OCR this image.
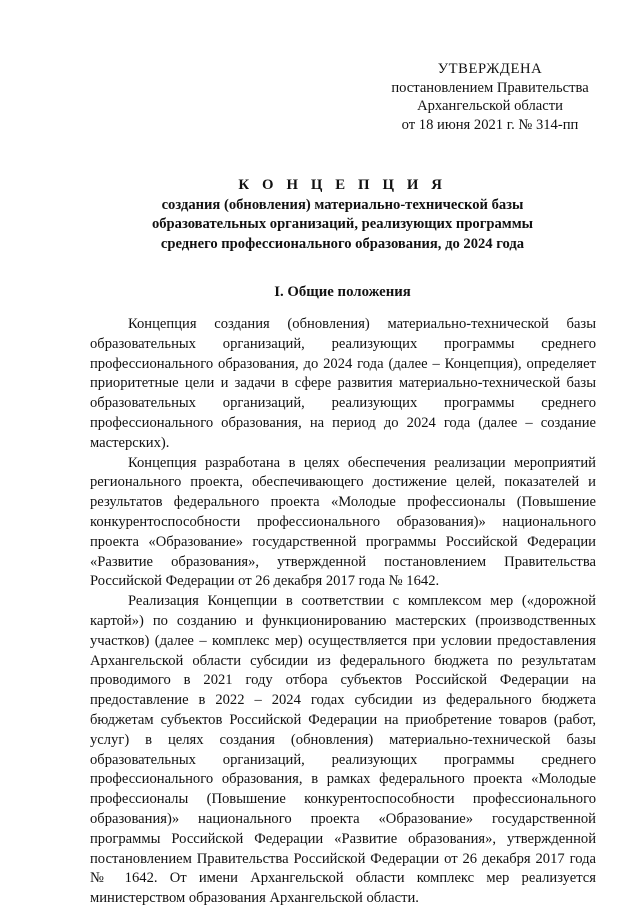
УТВЕРЖДЕНА
постановлением Правительства
Архангельской области
от 18 июня 2021 г. № 314-пп
К О Н Ц Е П Ц И Я
создания (обновления) материально-технической базы
образовательных организаций, реализующих программы
среднего профессионального образования, до 2024 года
I. Общие положения

Концепция создания (обновления) материально-технической базы образовательных организаций, реализующих программы среднего профессионального образования, до 2024 года (далее – Концепция), определяет приоритетные цели и задачи в сфере развития материально-технической базы образовательных организаций, реализующих программы среднего профессионального образования, на период до 2024 года (далее – создание мастерских).

Концепция разработана в целях обеспечения реализации мероприятий регионального проекта, обеспечивающего достижение целей, показателей и результатов федерального проекта «Молодые профессионалы (Повышение конкурентоспособности профессионального образования)» национального проекта «Образование» государственной программы Российской Федерации «Развитие образования», утвержденной постановлением Правительства Российской Федерации от 26 декабря 2017 года № 1642.

Реализация Концепции в соответствии с комплексом мер («дорожной картой») по созданию и функционированию мастерских (производственных участков) (далее – комплекс мер) осуществляется при условии предоставления Архангельской области субсидии из федерального бюджета по результатам проводимого в 2021 году отбора субъектов Российской Федерации на предоставление в 2022 – 2024 годах субсидии из федерального бюджета бюджетам субъектов Российской Федерации на приобретение товаров (работ, услуг) в целях создания (обновления) материально-технической базы образовательных организаций, реализующих программы среднего профессионального образования, в рамках федерального проекта «Молодые профессионалы (Повышение конкурентоспособности профессионального образования)» национального проекта «Образование» государственной программы Российской Федерации «Развитие образования», утвержденной постановлением Правительства Российской Федерации от 26 декабря 2017 года № 1642. От имени Архангельской области комплекс мер реализуется министерством образования Архангельской области.
